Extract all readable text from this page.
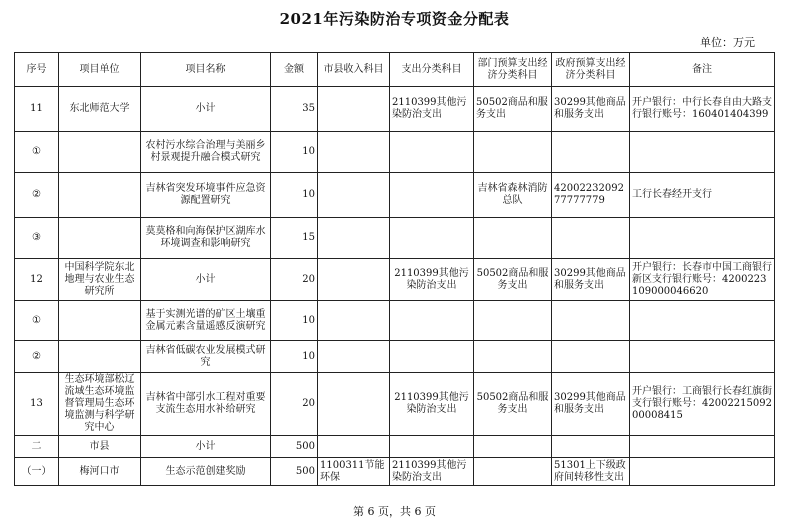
2021年污染防治专项资金分配表
单位：万元
序号	项目单位	项目名称	金额	市县收入科目	支出分类科目	部门预算支出经济分类科目	政府预算支出经济分类科目	备注
11	东北师范大学	小计	35		2110399其他污染防治支出	50502商品和服务支出	30299其他商品和服务支出	开户银行：中行长春自由大路支行银行账号：160401404399
①		农村污水综合治理与美丽乡村景观提升融合模式研究	10					
②		吉林省突发环境事件应急资源配置研究	10			吉林省森林消防总队	4200223209277777779	工行长春经开支行
③		莫莫格和向海保护区湖库水环境调查和影响研究	15					
12	中国科学院东北地理与农业生态研究所	小计	20		2110399其他污染防治支出	50502商品和服务支出	30299其他商品和服务支出	开户银行：长春市中国工商银行新区支行银行账号：4200223109000046620
①		基于实测光谱的矿区土壤重金属元素含量遥感反演研究	10					
②		吉林省低碳农业发展模式研究	10					
13	生态环境部松辽流域生态环境监督管理局生态环境监测与科学研究中心	吉林省中部引水工程对重要支流生态用水补给研究	20		2110399其他污染防治支出	50502商品和服务支出	30299其他商品和服务支出	开户银行：工商银行长春红旗街支行银行账号：4200221509200008415
二	市县	小计	500					
（一）	梅河口市	生态示范创建奖励	500	1100311节能环保	2110399其他污染防治支出		51301上下级政府间转移性支出	
第 6 页，共 6 页
